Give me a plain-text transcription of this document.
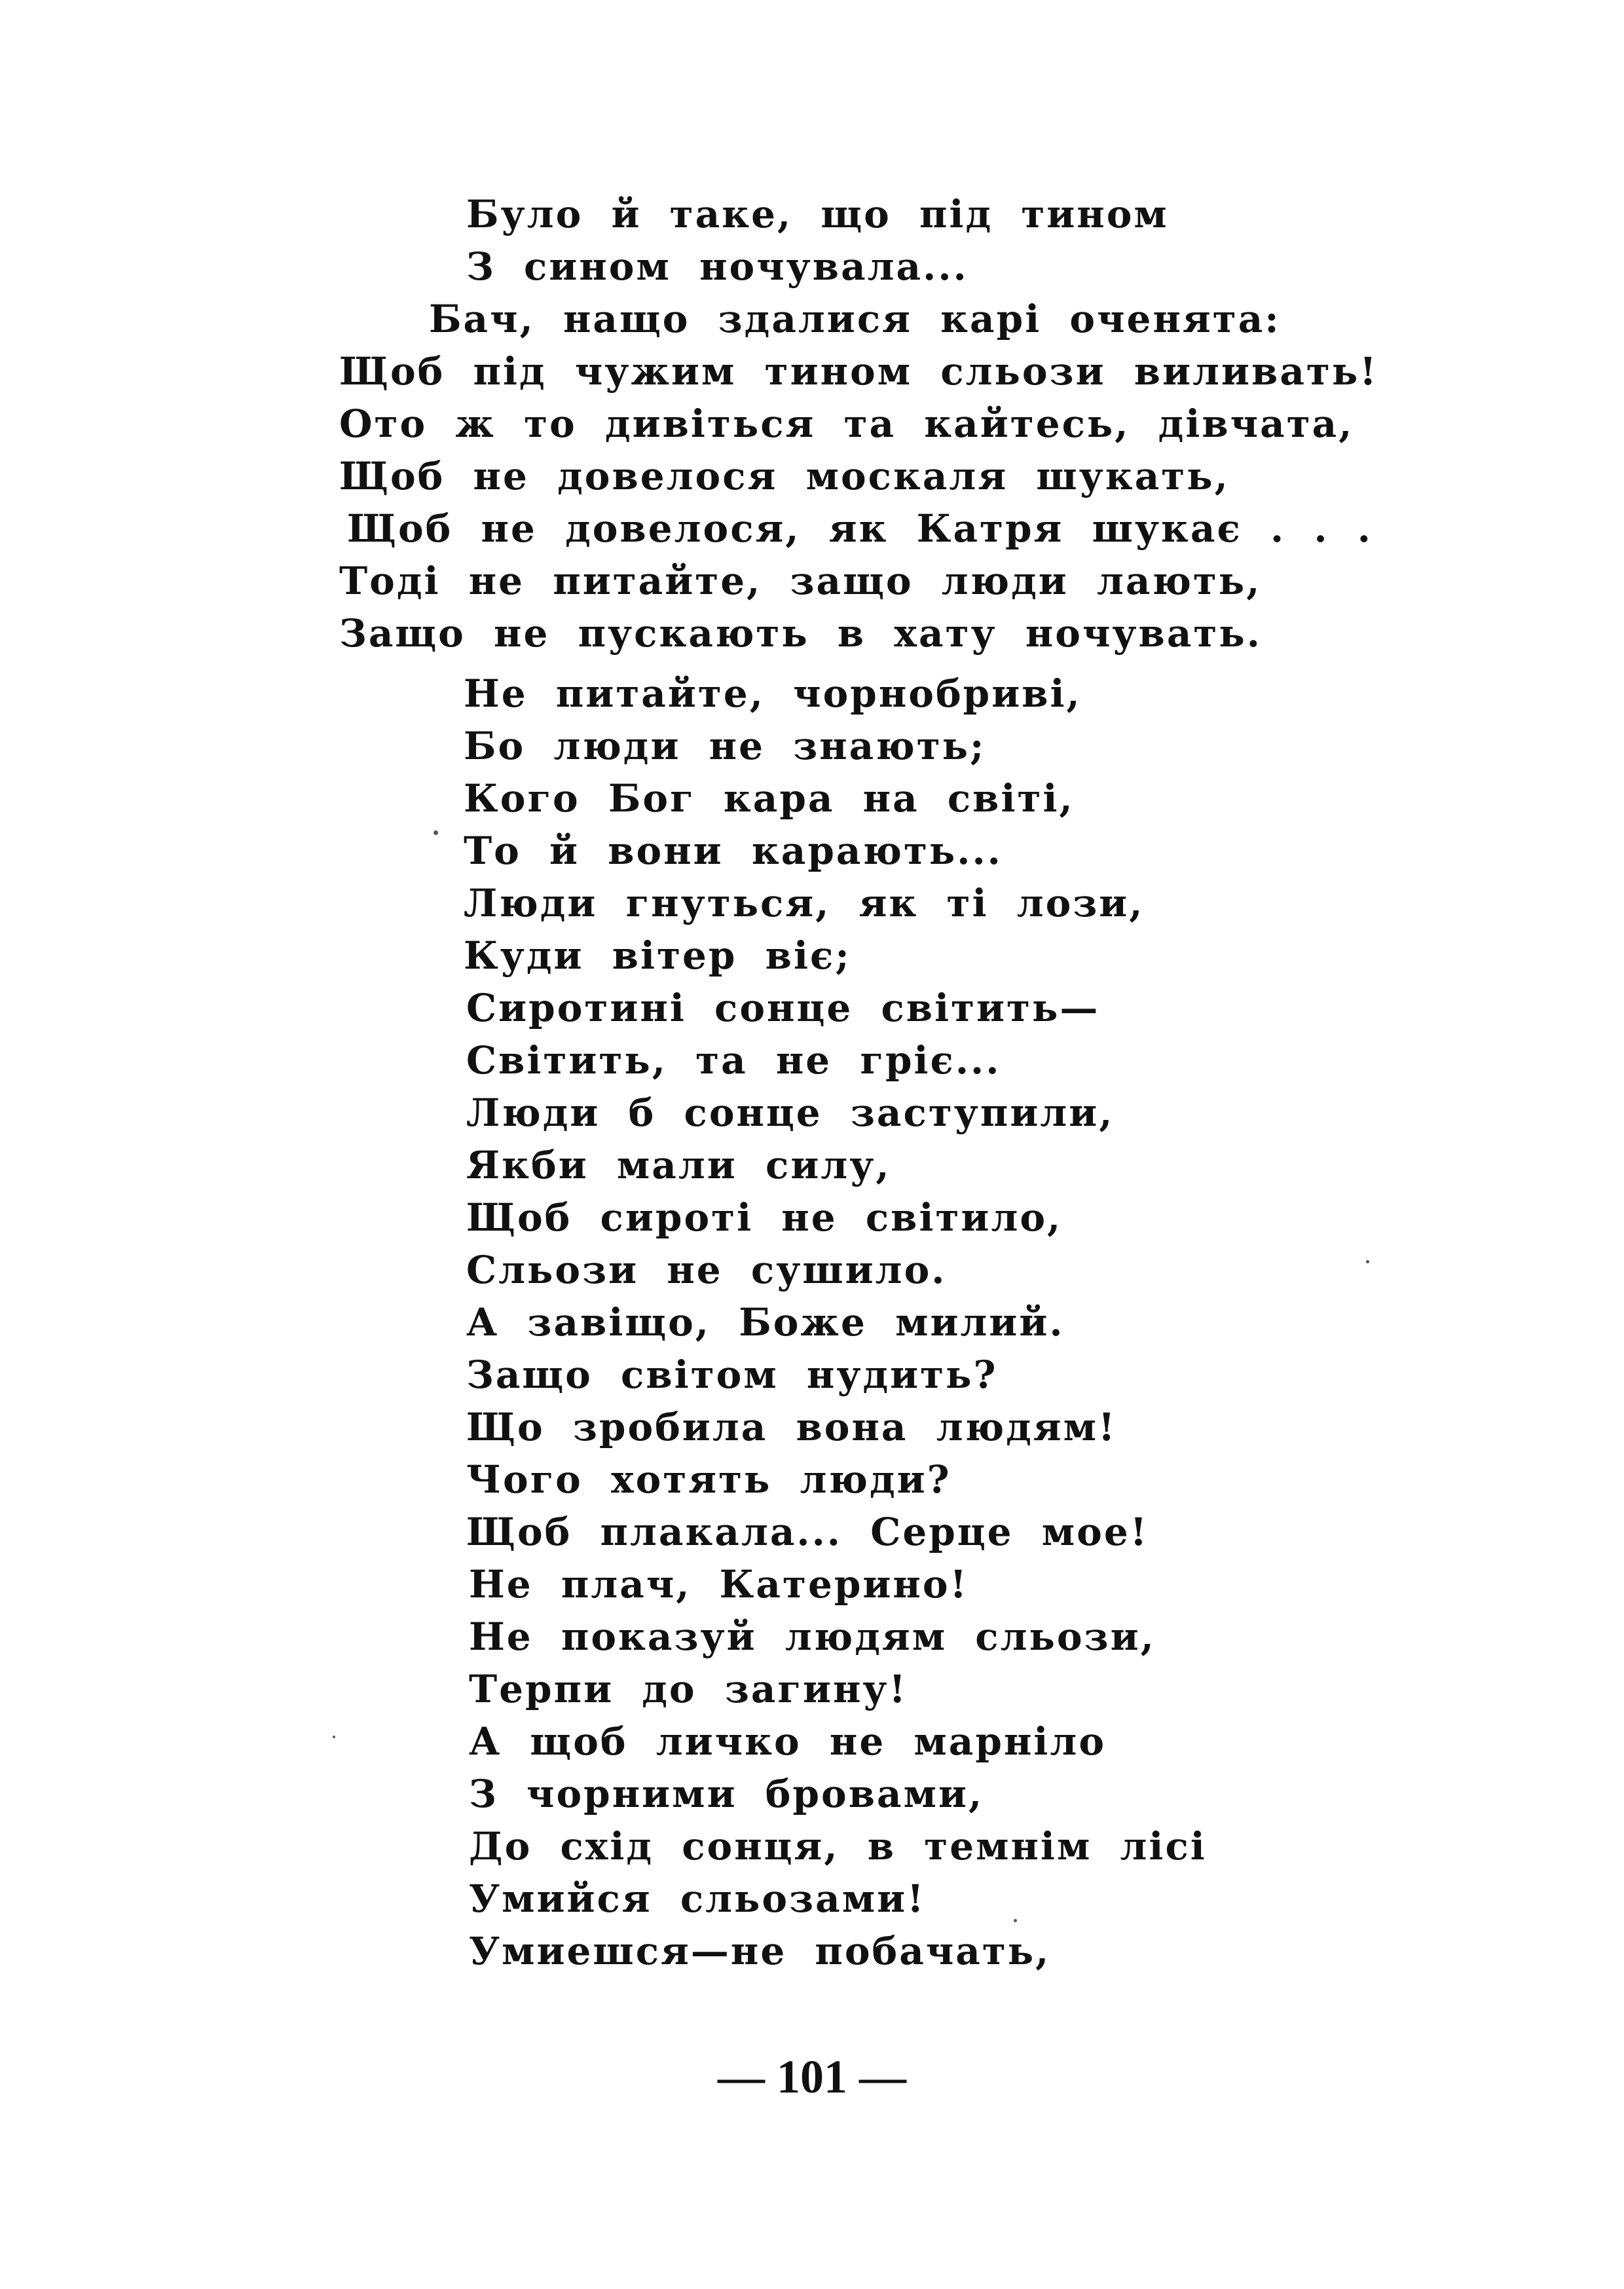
Було й таке, що під тином
З сином ночувала...
Бач, нащо здалися карі оченята:
Щоб під чужим тином сльози виливать!
Ото ж то дивіться та кайтесь, дівчата,
Щоб не довелося москаля шукать,
Щоб не довелося, як Катря шукає . . .
Тоді не питайте, защо люди лають,
Защо не пускають в хату ночувать.
Не питайте, чорнобриві,
Бо люди не знають;
Кого Бог кара на світі,
То й вони карають...
Люди гнуться, як ті лози,
Куди вітер віє;
Сиротині сонце світить—
Світить, та не гріє...
Люди б сонце заступили,
Якби мали силу,
Щоб сироті не світило,
Сльози не сушило.
А завіщо, Боже милий.
Защо світом нудить?
Що зробила вона людям!
Чого хотять люди?
Щоб плакала... Серце мое!
Не плач, Катерино!
Не показуй людям сльози,
Терпи до загину!
А щоб личко не марніло
З чорними бровами,
До схід сонця, в темнім лісі
Умийся сльозами!
Умиешся—не побачать,
— 101 —
